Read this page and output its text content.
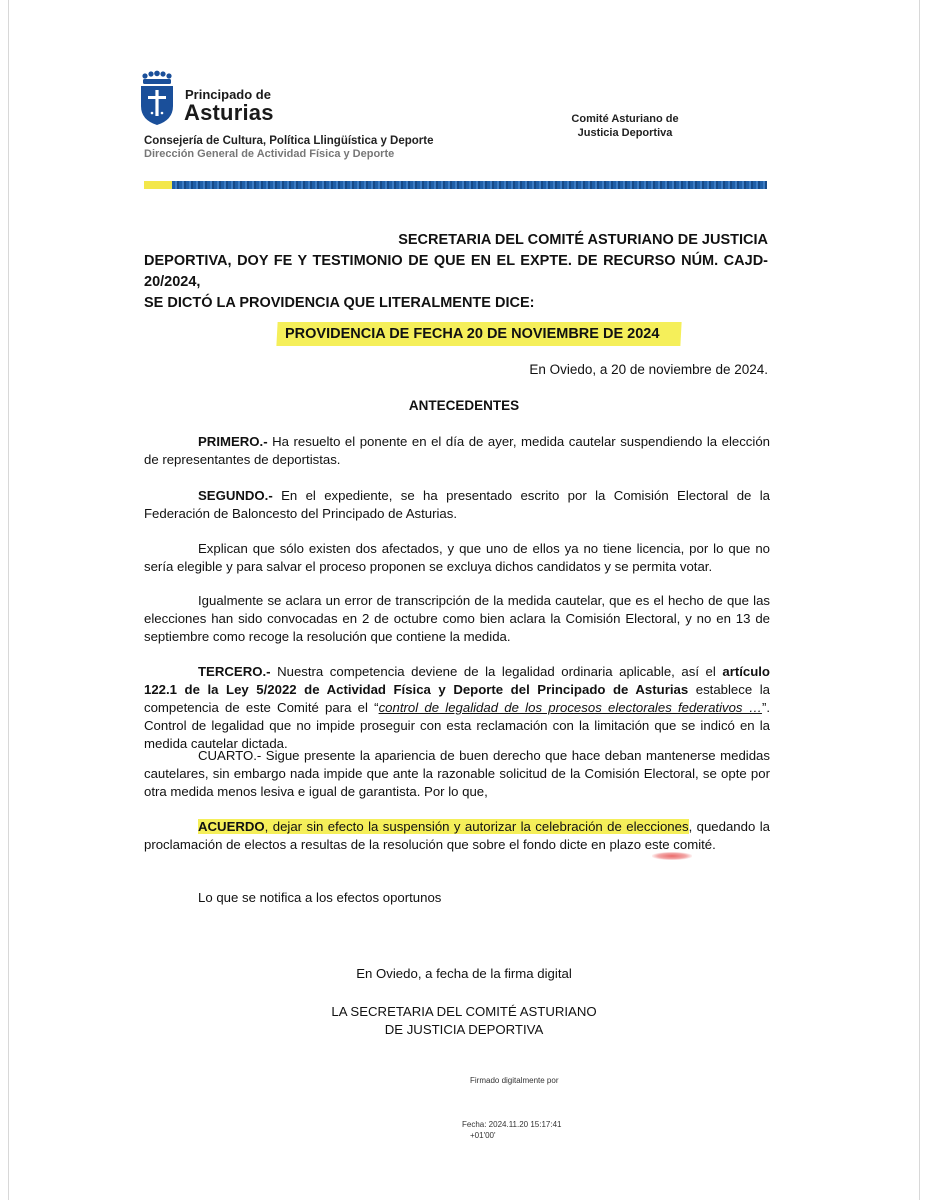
Principado de
Asturias
Consejería de Cultura, Política Llingüística y Deporte
Dirección General de Actividad Física y Deporte
Comité Asturiano de
Justicia Deportiva
SECRETARIA DEL COMITÉ ASTURIANO DE JUSTICIA
DEPORTIVA, DOY FE Y TESTIMONIO DE QUE EN EL EXPTE. DE RECURSO NÚM. CAJD-20/2024,
SE DICTÓ LA PROVIDENCIA QUE LITERALMENTE DICE:
PROVIDENCIA DE FECHA 20 DE NOVIEMBRE DE 2024
En Oviedo, a 20 de noviembre de 2024.
ANTECEDENTES
PRIMERO.- Ha resuelto el ponente en el día de ayer, medida cautelar suspendiendo la elección de representantes de deportistas.
SEGUNDO.- En el expediente, se ha presentado escrito por la Comisión Electoral de la Federación de Baloncesto del Principado de Asturias.
Explican que sólo existen dos afectados, y que uno de ellos ya no tiene licencia, por lo que no sería elegible y para salvar el proceso proponen se excluya dichos candidatos y se permita votar.
Igualmente se aclara un error de transcripción de la medida cautelar, que es el hecho de que las elecciones han sido convocadas en 2 de octubre como bien aclara la Comisión Electoral, y no en 13 de septiembre como recoge la resolución que contiene la medida.
TERCERO.- Nuestra competencia deviene de la legalidad ordinaria aplicable, así el artículo 122.1 de la Ley 5/2022 de Actividad Física y Deporte del Principado de Asturias establece la competencia de este Comité para el “control de legalidad de los procesos electorales federativos …”. Control de legalidad que no impide proseguir con esta reclamación con la limitación que se indicó en la medida cautelar dictada.
CUARTO.- Sigue presente la apariencia de buen derecho que hace deban mantenerse medidas cautelares, sin embargo nada impide que ante la razonable solicitud de la Comisión Electoral, se opte por otra medida menos lesiva e igual de garantista. Por lo que,
ACUERDO, dejar sin efecto la suspensión y autorizar la celebración de elecciones, quedando la proclamación de electos a resultas de la resolución que sobre el fondo dicte en plazo este comité.
Lo que se notifica a los efectos oportunos
En Oviedo, a fecha de la firma digital
LA SECRETARIA DEL COMITÉ ASTURIANO
DE JUSTICIA DEPORTIVA
Firmado digitalmente por
Fecha: 2024.11.20 15:17:41
+01'00'
